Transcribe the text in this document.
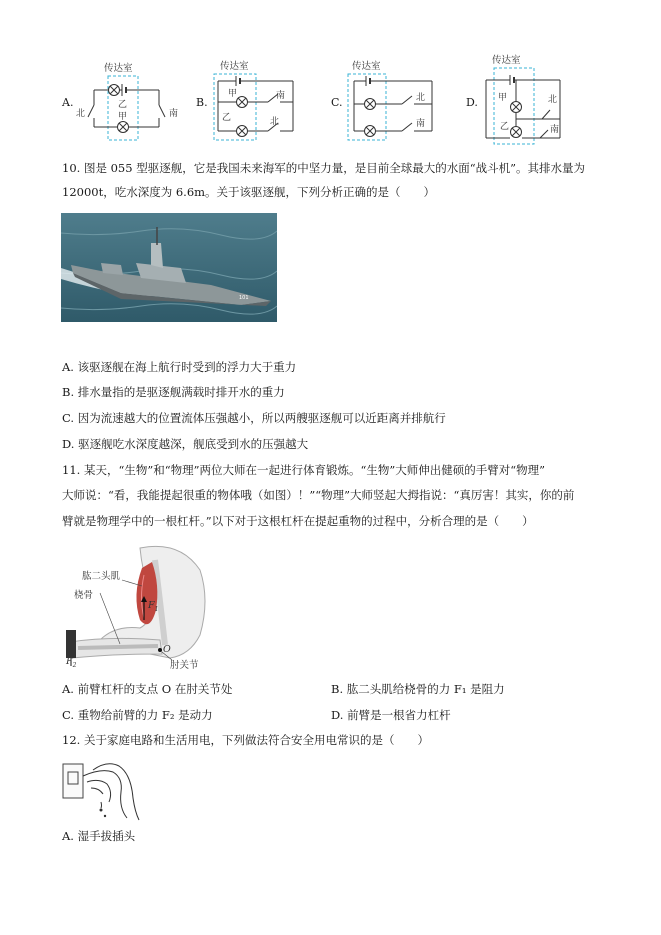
A.
传达室
乙
甲
北	南
B.
传达室
甲	南
乙	北
C.
传达室
北
南
D.
传达室
甲
乙
北
南
10. 图是 055 型驱逐舰，它是我国未来海军的中坚力量，是目前全球最大的水面“战斗机”。其排水量为
12000t，吃水深度为 6.6m。关于该驱逐舰，下列分析正确的是（　　）
101
A. 该驱逐舰在海上航行时受到的浮力大于重力
B. 排水量指的是驱逐舰满载时排开水的重力
C. 因为流速越大的位置流体压强越小，所以两艘驱逐舰可以近距离并排航行
D. 驱逐舰吃水深度越深，舰底受到水的压强越大
11. 某天，“生物”和“物理”两位大师在一起进行体育锻炼。“生物”大师伸出健硕的手臂对“物理”
大师说：“看，我能提起很重的物体哦（如图）！”“物理”大师竖起大拇指说：“真厉害！其实，你的前
臂就是物理学中的一根杠杆。”以下对于这根杠杆在提起重物的过程中，分析合理的是（　　）
肱二头肌
桡骨
肘关节
$F_1$
$F_2$
O
A. 前臂杠杆的支点 O 在肘关节处	B. 肱二头肌给桡骨的力 F₁ 是阻力
C. 重物给前臂的力 F₂ 是动力	D. 前臂是一根省力杠杆
12. 关于家庭电路和生活用电，下列做法符合安全用电常识的是（　　）
A. 湿手拔插头
